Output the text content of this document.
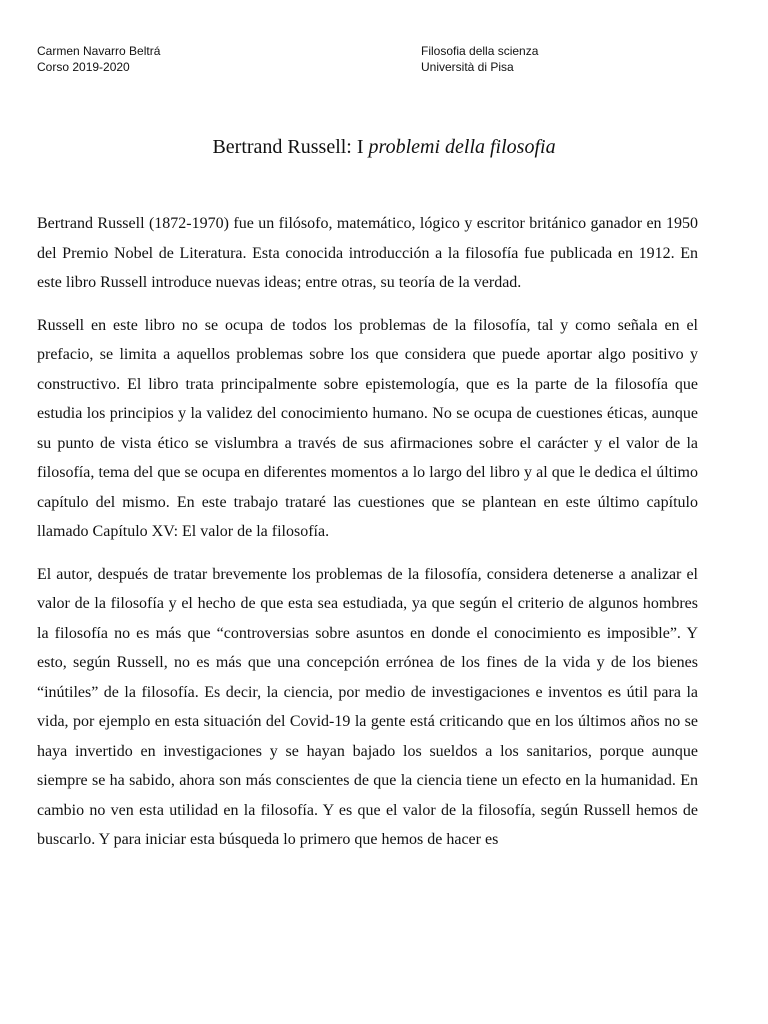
Carmen Navarro Beltrá
Corso 2019-2020
Filosofia della scienza
Università di Pisa
Bertrand Russell: I problemi della filosofia

Bertrand Russell (1872-1970) fue un filósofo, matemático, lógico y escritor británico ganador en 1950 del Premio Nobel de Literatura. Esta conocida introducción a la filosofía fue publicada en 1912. En este libro Russell introduce nuevas ideas; entre otras, su teoría de la verdad.

Russell en este libro no se ocupa de todos los problemas de la filosofía, tal y como señala en el prefacio, se limita a aquellos problemas sobre los que considera que puede aportar algo positivo y constructivo. El libro trata principalmente sobre epistemología, que es la parte de la filosofía que estudia los principios y la validez del conocimiento humano. No se ocupa de cuestiones éticas, aunque su punto de vista ético se vislumbra a través de sus afirmaciones sobre el carácter y el valor de la filosofía, tema del que se ocupa en diferentes momentos a lo largo del libro y al que le dedica el último capítulo del mismo. En este trabajo trataré las cuestiones que se plantean en este último capítulo llamado Capítulo XV: El valor de la filosofía.

El autor, después de tratar brevemente los problemas de la filosofía, considera detenerse a analizar el valor de la filosofía y el hecho de que esta sea estudiada, ya que según el criterio de algunos hombres la filosofía no es más que “controversias sobre asuntos en donde el conocimiento es imposible”. Y esto, según Russell, no es más que una concepción errónea de los fines de la vida y de los bienes “inútiles” de la filosofía. Es decir, la ciencia, por medio de investigaciones e inventos es útil para la vida, por ejemplo en esta situación del Covid-19 la gente está criticando que en los últimos años no se haya invertido en investigaciones y se hayan bajado los sueldos a los sanitarios, porque aunque siempre se ha sabido, ahora son más conscientes de que la ciencia tiene un efecto en la humanidad. En cambio no ven esta utilidad en la filosofía. Y es que el valor de la filosofía, según Russell hemos de buscarlo. Y para iniciar esta búsqueda lo primero que hemos de hacer es
